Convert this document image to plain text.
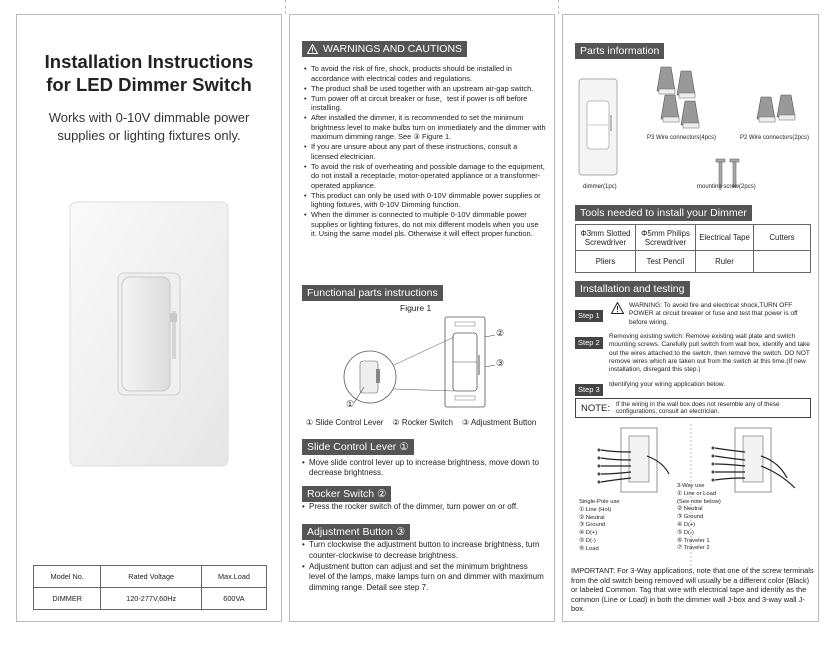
Installation Instructions
for LED Dimmer Switch
Works with 0-10V dimmable power
supplies or lighting fixtures only.
Model No.	Rated Voltage	Max.Load
DIMMER	120-277V,60Hz	600VA
WARNINGS AND CAUTIONS
• To avoid the risk of fire, shock, products should be installed in accordance with electrical codes and regulations.
• The product shall be used together with an upstream air-gap switch.
• Turn power off at circuit breaker or fuse，test if power is off before installing.
• After installed the dimmer, it is recommended to set the minimum brightness level to make bulbs turn on immediately and the dimmer with maximum dimming range. See ③ Figure 1.
• If you are unsure about any part of these instructions, consult a licensed electrician.
• To avoid the risk of overheating and possible damage to the equipment, do not install a receptacle, motor-operated appliance or a transformer-operated appliance.
• This product can only be used with 0-10V dimmable power supplies or lighting fixtures, with 0-10V Dimming function.
• When the dimmer is connected to multiple 0-10V dimmable power supplies or lighting fixtures, do not mix different models when you use it. Using the same model pls. Otherwise it will effect proper function.
Functional parts instructions
Figure 1
②
③
①
① Slide Control Lever ② Rocker Switch ③ Adjustment Button
Slide Control Lever ①
• Move slide control lever up to increase brightness, move down to decrease brightness.
Rocker Switch ②
• Press the rocker switch of the dimmer, turn power on or off.
Adjustment Button ③
• Turn clockwise the adjustment button to increase brightness, turn counter-clockwise to decrease brightness.
• Adjustment button can adjust and set the minimum brightness level of the lamps, make lamps turn on and dimmer with maximum dimming range. Detail see step 7.
Parts information
P3 Wire connectors(4pcs)	P2 Wire connectors(2pcs)
dimmer(1pc)	mounting screw(2pcs)
Tools needed to install your Dimmer
Φ3mm Slotted Screwdriver	Φ5mm Philips Screwdriver	Electrical Tape	Cutters
Pliers	Test Pencil	Ruler	
Installation and testing
Step 1
WARNING: To avoid fire and electrical shock,TURN OFF POWER at circuit breaker or fuse and test that power is off before wiring.
Step 2
Removing existing switch: Remove existing wall plate and switch mounting screws. Carefully pull switch from wall box, identify and take out the wires attached to the switch, then remove the switch. DO NOT remove wires which are taken out from the switch at this time.(If new installation, disregard this step.)
Step 3
Identifying your wiring application below.
NOTE: If the wiring in the wall box does not resemble any of these configurations, consult an electrician.
Single-Pole use
① Line (Hot)
② Neutral
③ Ground
④ D(+)
⑤ D(-)
⑥ Load
3-Way use
① Line or Load
(See note below)
② Neutral
③ Ground
④ D(+)
⑤ D(-)
⑥ Traveler 1
⑦ Traveler 2
IMPORTANT: For 3-Way applications, note that one of the screw terminals from the old switch being removed will usually be a different color (Black) or labeled Common. Tag that wire with electrical tape and identify as the common (Line or Load) in both the dimmer wall J-box and 3-way wall J-box.
